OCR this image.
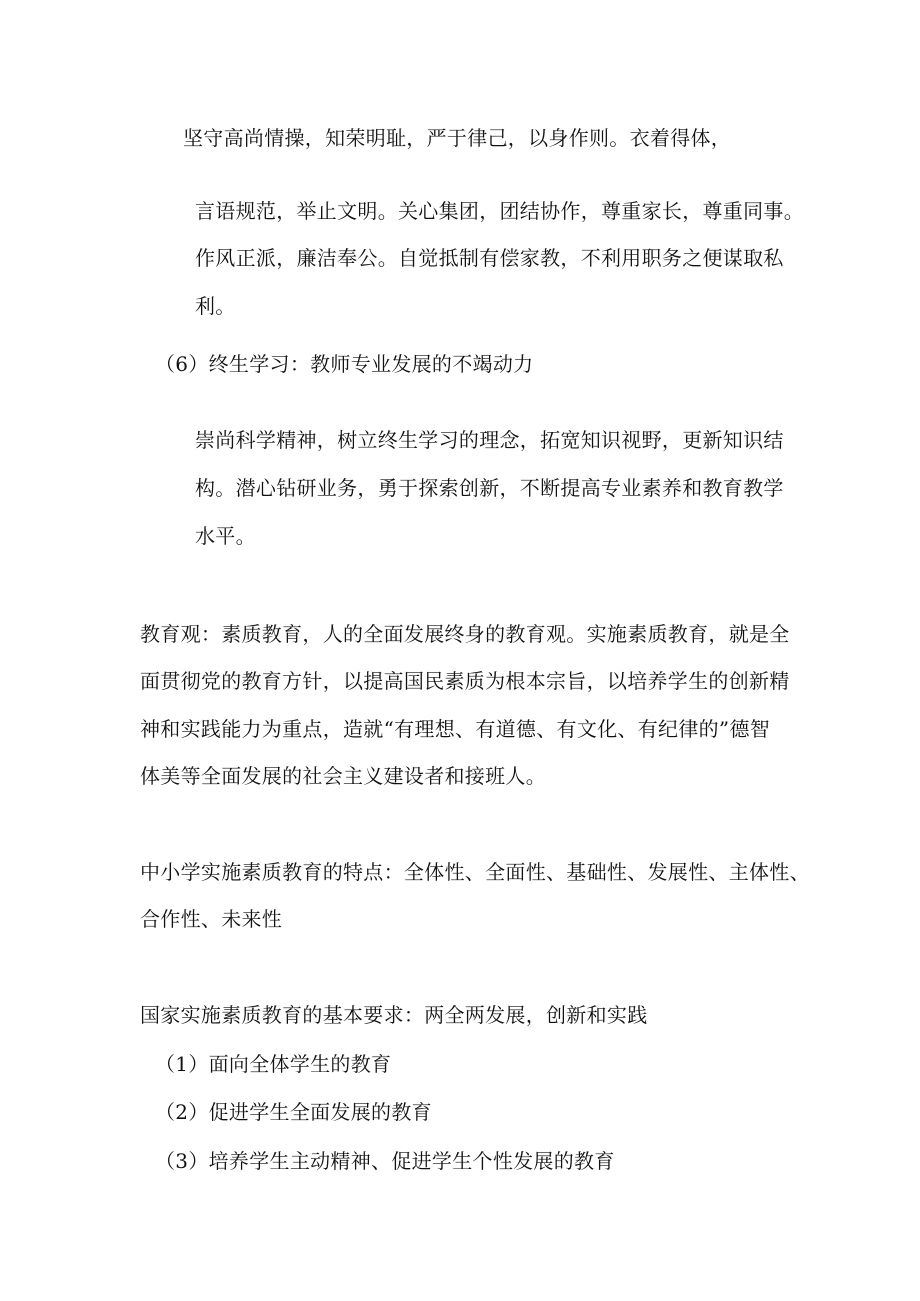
坚守高尚情操，知荣明耻，严于律己，以身作则。衣着得体，
言语规范，举止文明。关心集团，团结协作，尊重家长，尊重同事。
作风正派，廉洁奉公。自觉抵制有偿家教，不利用职务之便谋取私
利。
（6）终生学习：教师专业发展的不竭动力
崇尚科学精神，树立终生学习的理念，拓宽知识视野，更新知识结
构。潜心钻研业务，勇于探索创新，不断提高专业素养和教育教学
水平。
教育观：素质教育，人的全面发展终身的教育观。实施素质教育，就是全
面贯彻党的教育方针，以提高国民素质为根本宗旨，以培养学生的创新精
神和实践能力为重点，造就“有理想、有道德、有文化、有纪律的”德智
体美等全面发展的社会主义建设者和接班人。
中小学实施素质教育的特点：全体性、全面性、基础性、发展性、主体性、
合作性、未来性
国家实施素质教育的基本要求：两全两发展，创新和实践
（1）面向全体学生的教育
（2）促进学生全面发展的教育
（3）培养学生主动精神、促进学生个性发展的教育
